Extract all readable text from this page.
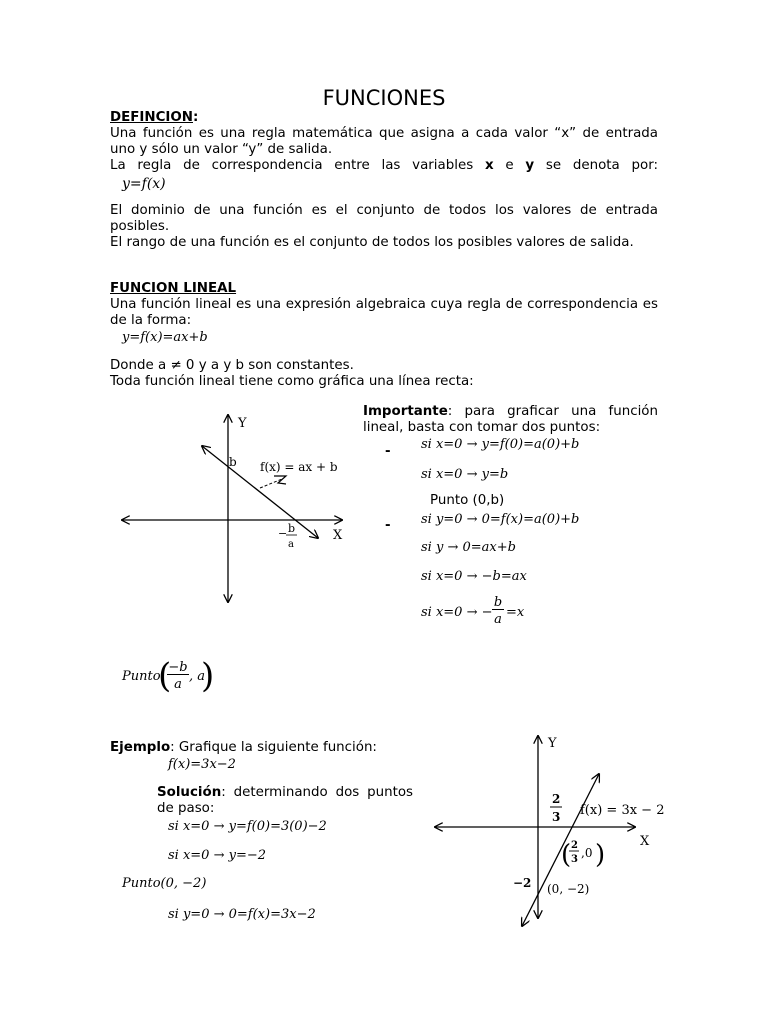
FUNCIONES
DEFINCION:
Una función es una regla matemática que asigna a cada valor “x” de entrada uno y sólo un valor “y” de salida.
La regla de correspondencia entre las variables x e y se denota por:
y=f(x)
El dominio de una función es el conjunto de todos los valores de entrada posibles.
El rango de una función es el conjunto de todos los posibles valores de salida.
FUNCION LINEAL
Una función lineal es una expresión algebraica cuya regla de correspondencia es de la forma:
y=f(x)=ax+b
Donde a ≠ 0 y a y b son constantes.
Toda función lineal tiene como gráfica una línea recta:
Y
X
b f(x) = ax + b
− b
a
Importante: para graficar una función lineal, basta con tomar dos puntos:
- si x=0 → y=f(0)=a(0)+b
si x=0 → y=b
Punto (0,b)
- si y=0 → 0=f(x)=a(0)+b
si y → 0=ax+b
si x=0 → −b=ax
si x=0 → −
b
a =x
Punto
(
−b
a
, a
)
Ejemplo: Grafique la siguiente función:
f(x)=3x−2
Solución: determinando dos puntos de paso:
si x=0 → y=f(0)=3(0)−2
si x=0 → y=−2
Punto(0, −2)
si y=0 → 0=f(x)=3x−2
Y
X
2
3 f(x) = 3x − 2
( 2
3 ,0 )
−2 (0, −2)
